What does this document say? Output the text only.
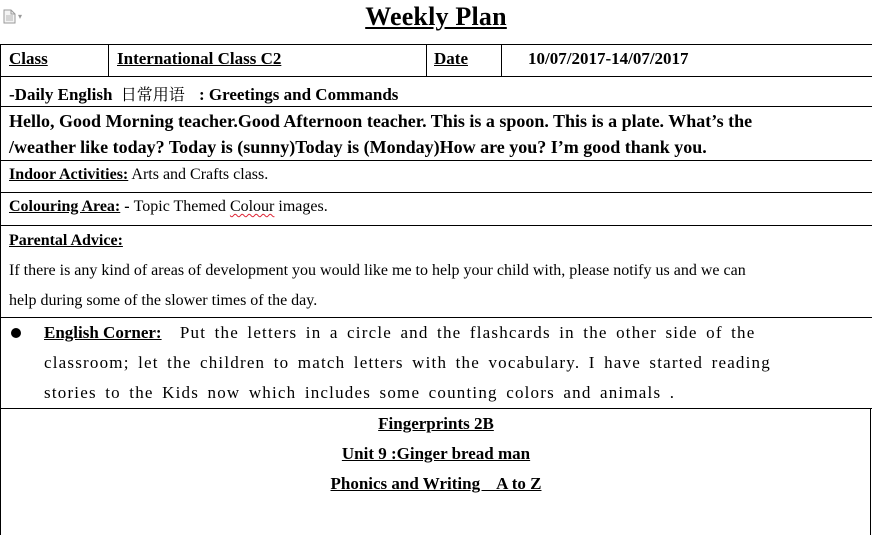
▾	Weekly Plan
Class	International Class C2	Date	10/07/2017-14/07/2017
-Daily English 日常用语 : Greetings and Commands
Hello, Good Morning teacher.Good Afternoon teacher. This is a spoon. This is a plate. What’s the
/weather like today? Today is (sunny)Today is (Monday)How are you? I’m good thank you.
Indoor Activities: Arts and Crafts class.
Colouring Area: - Topic Themed Colour images.
Parental Advice:
If there is any kind of areas of development you would like me to help your child with, please notify us and we can
help during some of the slower times of the day.
English Corner: Put the letters in a circle and the flashcards in the other side of the
classroom; let the children to match letters with the vocabulary. I have started reading
stories to the Kids now which includes some counting colors and animals .
Fingerprints 2B
Unit 9 :Ginger bread man
Phonics and Writing    A to Z
